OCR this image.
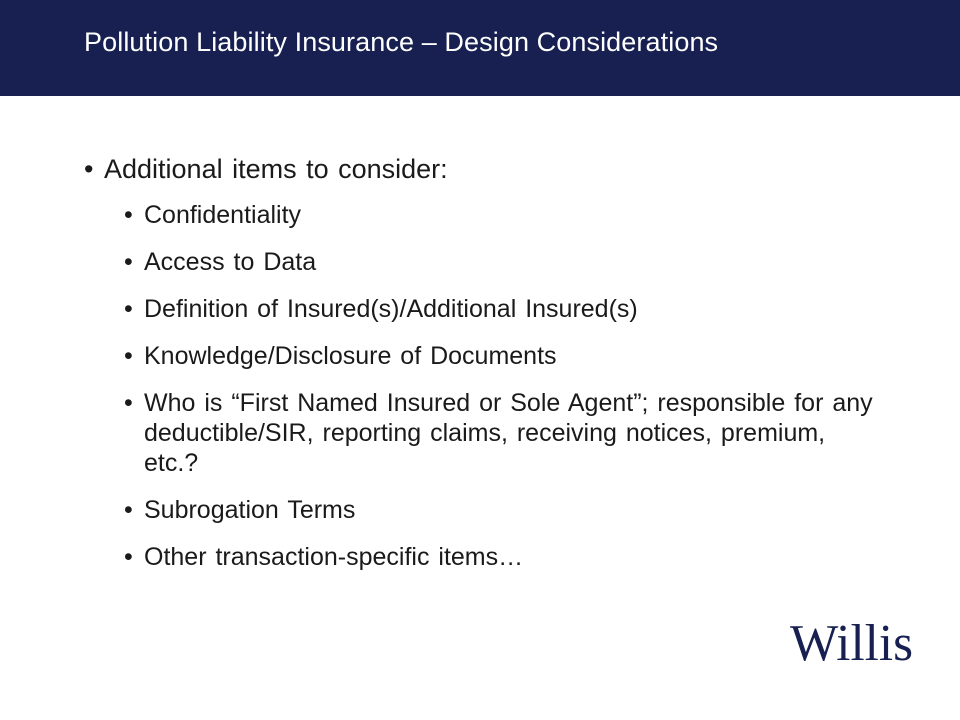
Pollution Liability Insurance – Design Considerations
• Additional items to consider:
• Confidentiality
• Access to Data
• Definition of Insured(s)/Additional Insured(s)
• Knowledge/Disclosure of Documents
• Who is “First Named Insured or Sole Agent”; responsible for any deductible/SIR, reporting claims, receiving notices, premium, etc.?
• Subrogation Terms
• Other transaction-specific items…
Willis
